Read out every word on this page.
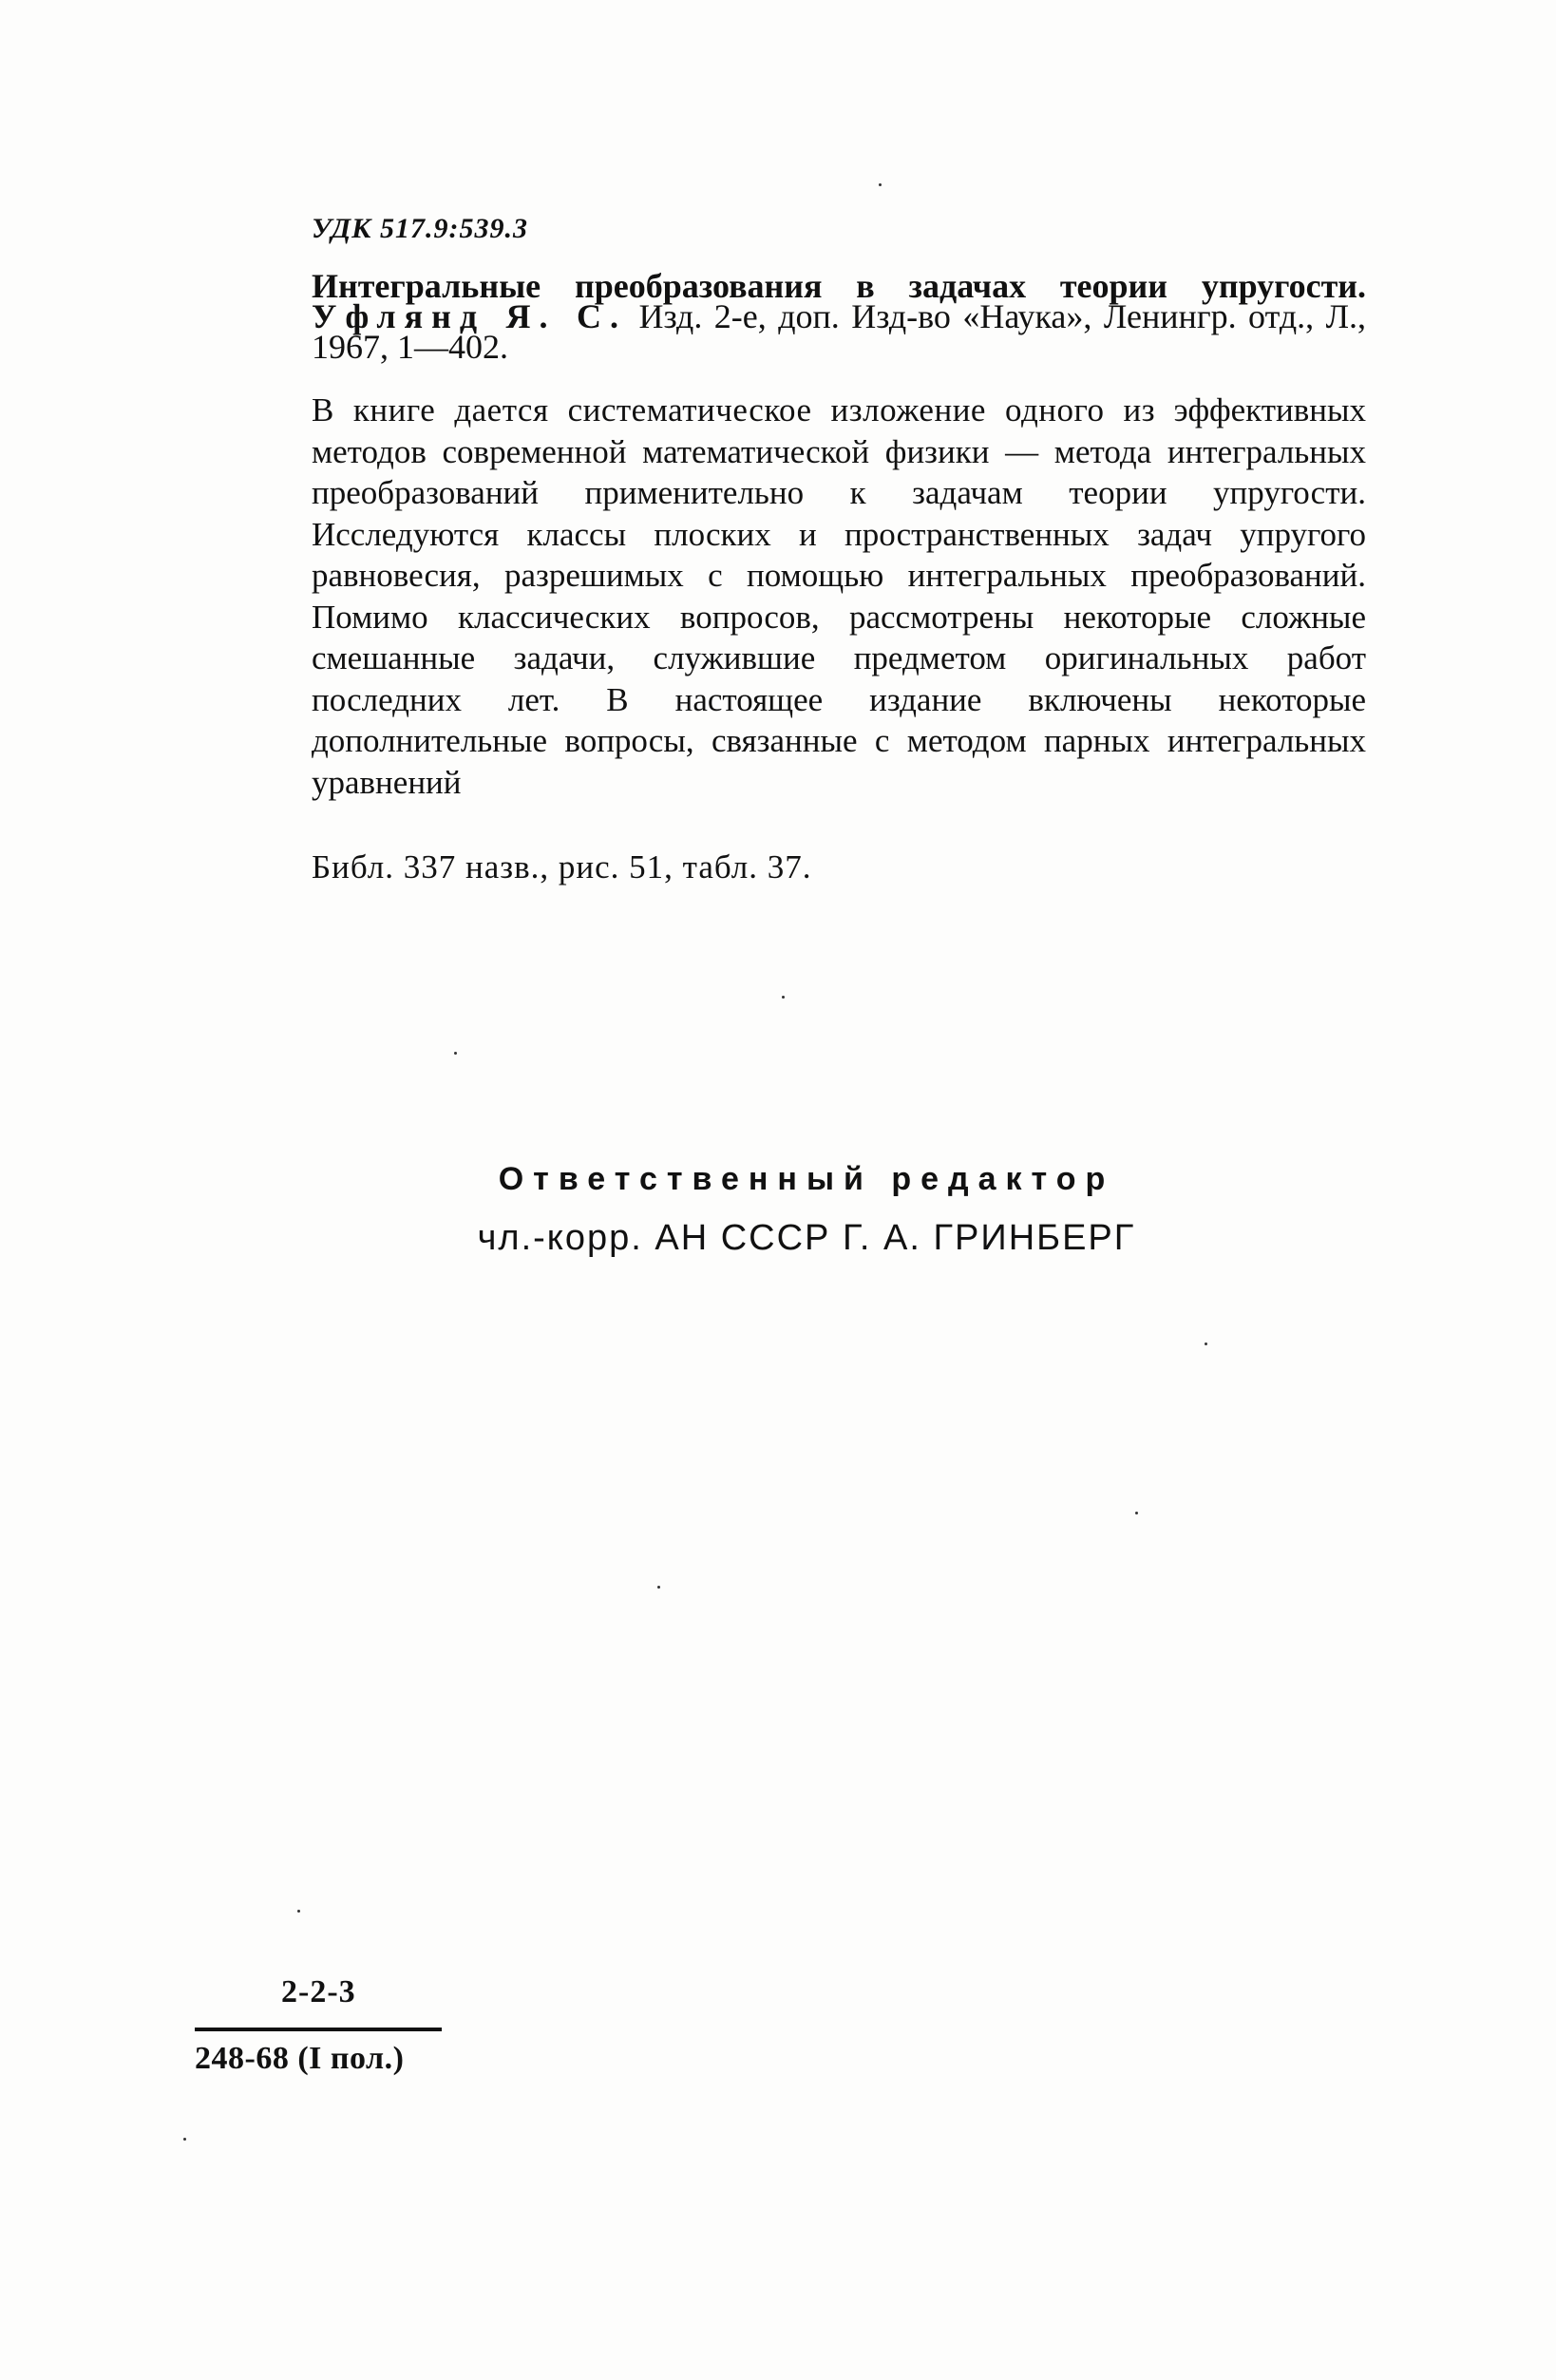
УДК 517.9:539.3
Интегральные преобразования в задачах теории упругости. Уфлянд Я. С. Изд. 2-е, доп. Изд-во «Наука», Ленингр. отд., Л., 1967, 1—402.
В книге дается систематическое изложение одного из эффективных методов современной математической физики — метода интегральных преобразований применительно к задачам теории упругости. Исследуются классы плоских и пространственных задач упругого равновесия, разрешимых с помощью интегральных преобразований. Помимо классических вопросов, рассмотрены некоторые сложные смешанные задачи, служившие предметом оригинальных работ последних лет. В настоящее издание включены некоторые дополнительные вопросы, связанные с методом парных интегральных уравнений
Библ. 337 назв., рис. 51, табл. 37.
Ответственный редактор
чл.-корр. АН СССР Г. А. ГРИНБЕРГ
2-2-3
248-68 (I пол.)
